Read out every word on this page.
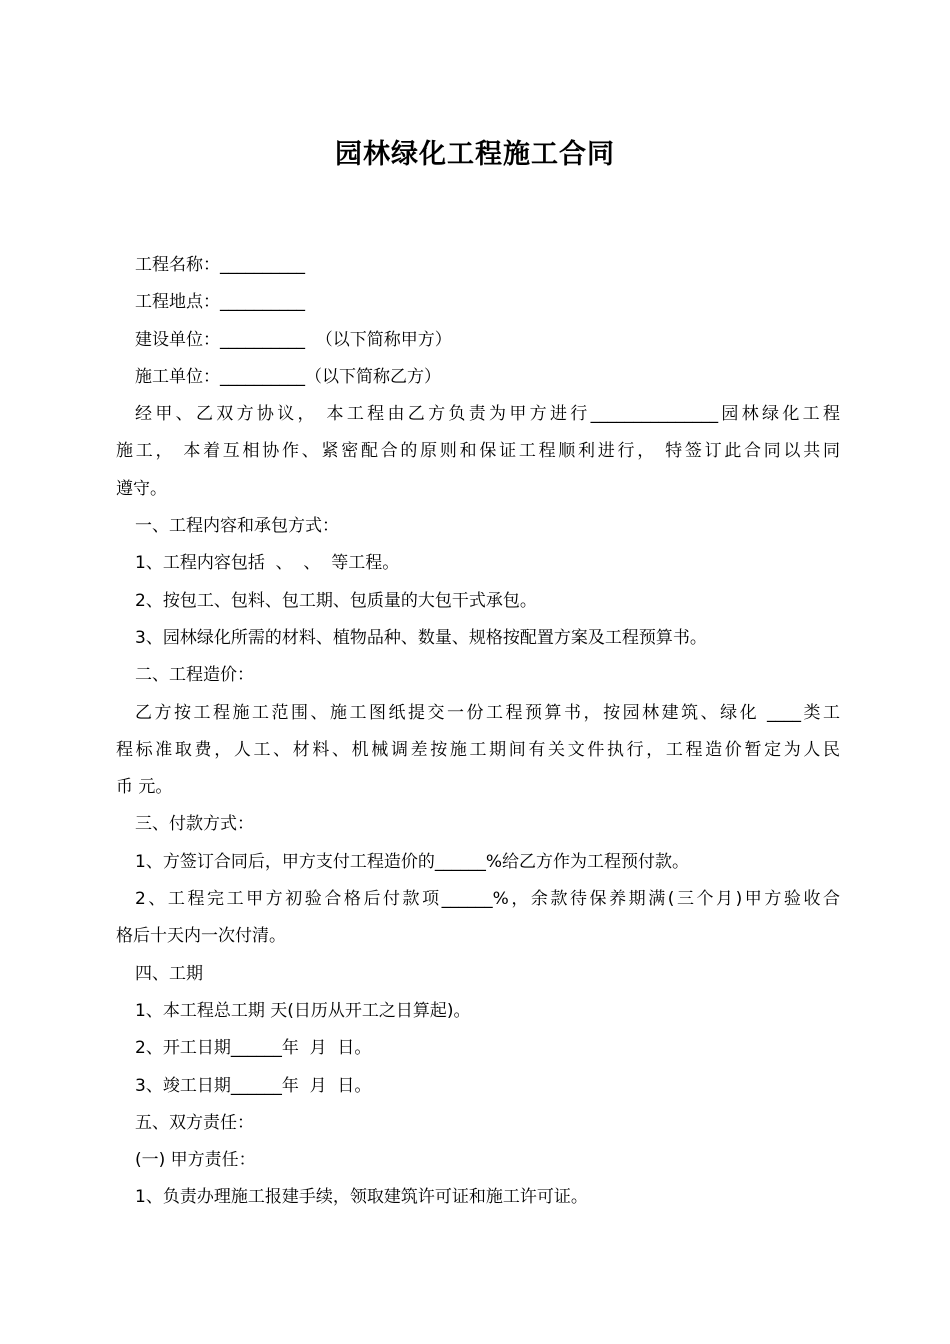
园林绿化工程施工合同
工程名称：__________
工程地点：__________
建设单位：__________  （以下简称甲方）
施工单位：__________（以下简称乙方）
经甲、乙双方协议， 本工程由乙方负责为甲方进行_______________园林绿化工程
施工， 本着互相协作、紧密配合的原则和保证工程顺利进行， 特签订此合同以共同
遵守。
一、工程内容和承包方式：
1、工程内容包括  、  、  等工程。
2、按包工、包料、包工期、包质量的大包干式承包。
3、园林绿化所需的材料、植物品种、数量、规格按配置方案及工程预算书。
二、工程造价：
乙方按工程施工范围、施工图纸提交一份工程预算书，按园林建筑、绿化 ____类工
程标准取费，人工、材料、机械调差按施工期间有关文件执行，工程造价暂定为人民
币 元。
三、付款方式：
1、方签订合同后，甲方支付工程造价的______%给乙方作为工程预付款。
2、工程完工甲方初验合格后付款项______%，余款待保养期满(三个月)甲方验收合
格后十天内一次付清。
四、工期
1、本工程总工期 天(日历从开工之日算起)。
2、开工日期______年  月  日。
3、竣工日期______年  月  日。
五、双方责任：
(一) 甲方责任：
1、负责办理施工报建手续，领取建筑许可证和施工许可证。
